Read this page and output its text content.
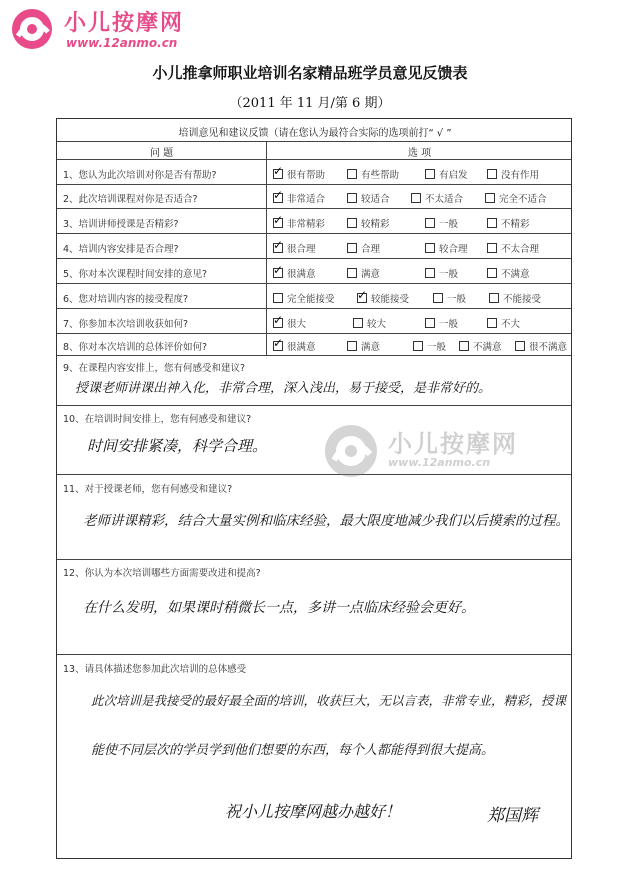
小儿按摩网
www.12anmo.cn
小儿推拿师职业培训名家精品班学员意见反馈表
（2011 年 11 月/第 6 期）
培训意见和建议反馈（请在您认为最符合实际的选项前打“ √ ”
问 题	选 项
1、您认为此次培训对你是否有帮助? ✓	很有帮助	有些帮助	有启发	没有作用
2、此次培训课程对你是否适合? ✓	非常适合	较适合	不太适合	完全不适合
3、培训讲师授课是否精彩? ✓	非常精彩	较精彩	一般	不精彩
4、培训内容安排是否合理? ✓	很合理	合理	较合理	不太合理
5、你对本次课程时间安排的意见? ✓	很满意	满意	一般	不满意
6、您对培训内容的接受程度?	完全能接受 ✓	较能接受	一般	不能接受
7、你参加本次培训收获如何? ✓	很大	较大	一般	不大
8、你对本次培训的总体评价如何? ✓	很满意	满意	一般	不满意	很不满意
9、在课程内容安排上，您有何感受和建议?
授课老师讲课出神入化，非常合理，深入浅出，易于接受，是非常好的。
10、在培训时间安排上，您有何感受和建议?
时间安排紧凑，科学合理。
11、对于授课老师，您有何感受和建议?
老师讲课精彩，结合大量实例和临床经验，最大限度地减少我们以后摸索的过程。
12、你认为本次培训哪些方面需要改进和提高?
在什么发明，如果课时稍微长一点，多讲一点临床经验会更好。
13、请具体描述您参加此次培训的总体感受
此次培训是我接受的最好最全面的培训，收获巨大，无以言表，非常专业，精彩，授课
能使不同层次的学员学到他们想要的东西，每个人都能得到很大提高。
祝小儿按摩网越办越好！	郑国辉
小儿按摩网
www.12anmo.cn
